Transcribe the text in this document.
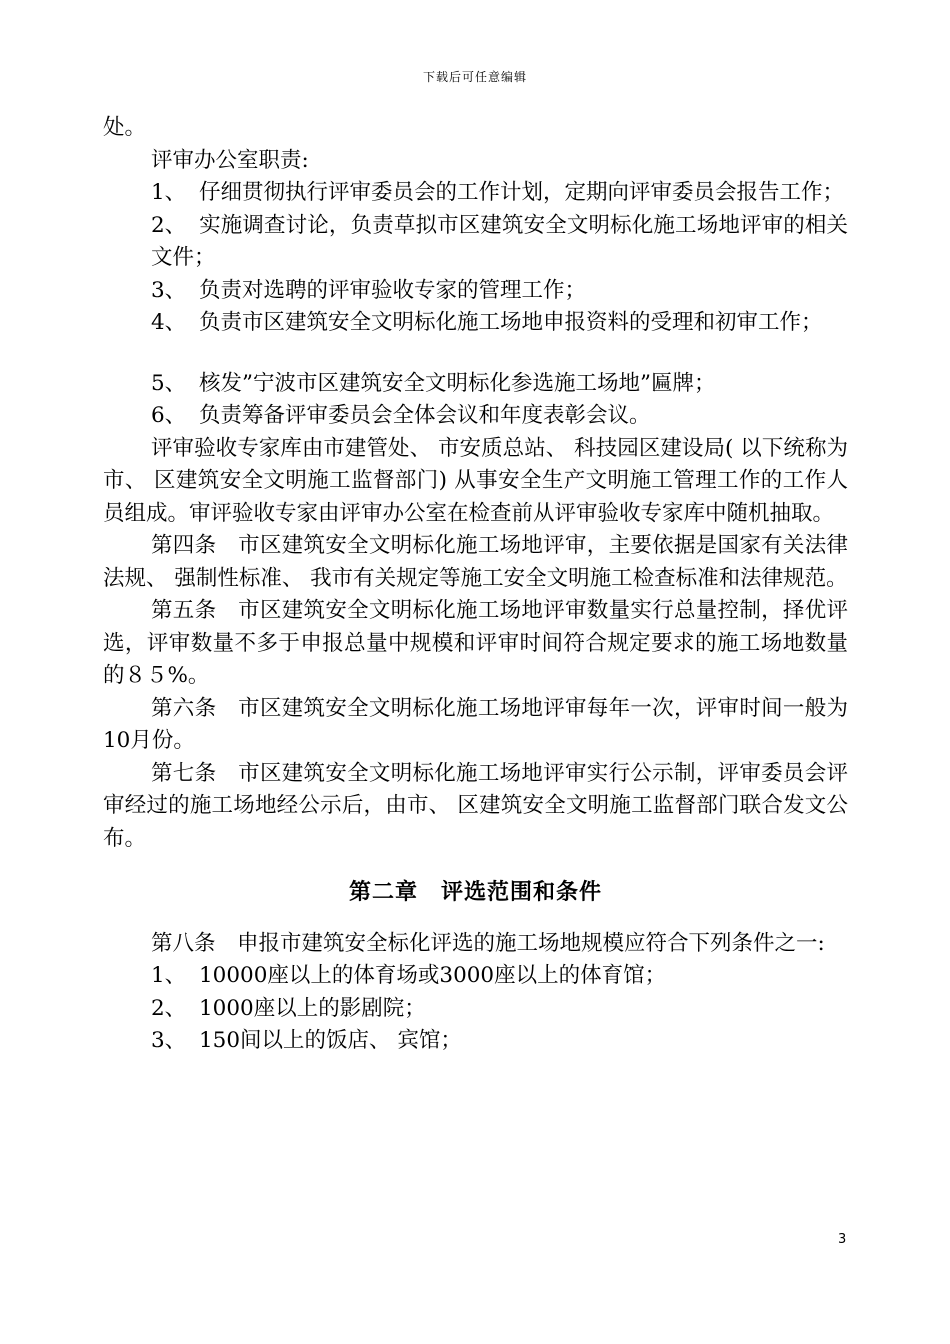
下载后可任意编辑

处。

评审办公室职责:

1、 仔细贯彻执行评审委员会的工作计划，定期向评审委员会报告工作；

2、 实施调查讨论，负责草拟市区建筑安全文明标化施工场地评审的相关文件；

3、 负责对选聘的评审验收专家的管理工作；

4、 负责市区建筑安全文明标化施工场地申报资料的受理和初审工作；

5、 核发”宁波市区建筑安全文明标化参选施工场地”匾牌；

6、 负责筹备评审委员会全体会议和年度表彰会议。

评审验收专家库由市建管处、 市安质总站、 科技园区建设局( 以下统称为市、 区建筑安全文明施工监督部门) 从事安全生产文明施工管理工作的工作人员组成。审评验收专家由评审办公室在检查前从评审验收专家库中随机抽取。

第四条　市区建筑安全文明标化施工场地评审，主要依据是国家有关法律法规、 强制性标准、 我市有关规定等施工安全文明施工检查标准和法律规范。

第五条　市区建筑安全文明标化施工场地评审数量实行总量控制，择优评选，评审数量不多于申报总量中规模和评审时间符合规定要求的施工场地数量的８５%。

第六条　市区建筑安全文明标化施工场地评审每年一次，评审时间一般为10月份。

第七条　市区建筑安全文明标化施工场地评审实行公示制，评审委员会评审经过的施工场地经公示后，由市、 区建筑安全文明施工监督部门联合发文公布。

第二章　评选范围和条件

第八条　申报市建筑安全标化评选的施工场地规模应符合下列条件之一:

1、 10000座以上的体育场或3000座以上的体育馆；

2、 1000座以上的影剧院；

3、 150间以上的饭店、 宾馆；

3
